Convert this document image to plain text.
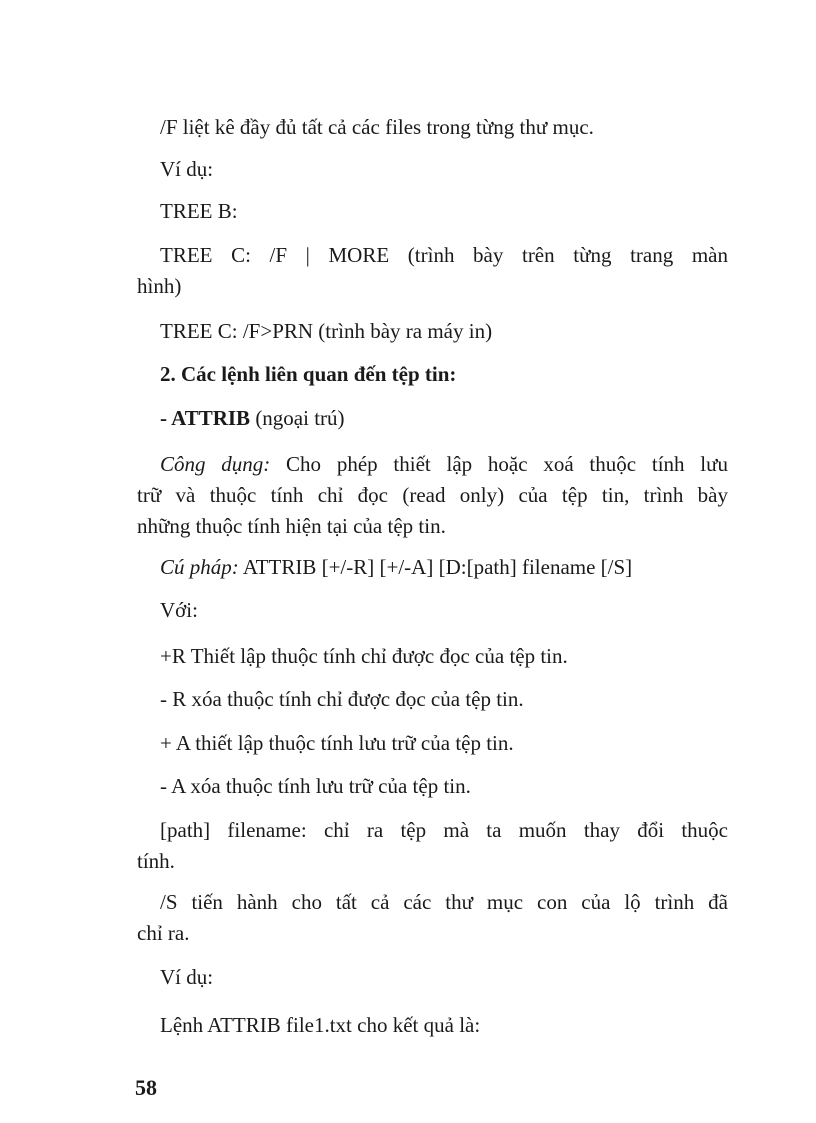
/F liệt kê đầy đủ tất cả các files trong từng thư mục.

Ví dụ:

TREE B:

TREE C: /F | MORE (trình bày trên từng trang màn
hình)

TREE C: /F>PRN (trình bày ra máy in)

2. Các lệnh liên quan đến tệp tin:

- ATTRIB (ngoại trú)

Công dụng: Cho phép thiết lập hoặc xoá thuộc tính lưu
trữ và thuộc tính chỉ đọc (read only) của tệp tin, trình bày
những thuộc tính hiện tại của tệp tin.

Cú pháp: ATTRIB [+/-R] [+/-A] [D:[path] filename [/S]

Với:

+R Thiết lập thuộc tính chỉ được đọc của tệp tin.

- R xóa thuộc tính chỉ được đọc của tệp tin.

+ A thiết lập thuộc tính lưu trữ của tệp tin.

- A xóa thuộc tính lưu trữ của tệp tin.

[path] filename: chỉ ra tệp mà ta muốn thay đổi thuộc
tính.
/S tiến hành cho tất cả các thư mục con của lộ trình đã
chỉ ra.

Ví dụ:

Lệnh ATTRIB file1.txt cho kết quả là:

58
